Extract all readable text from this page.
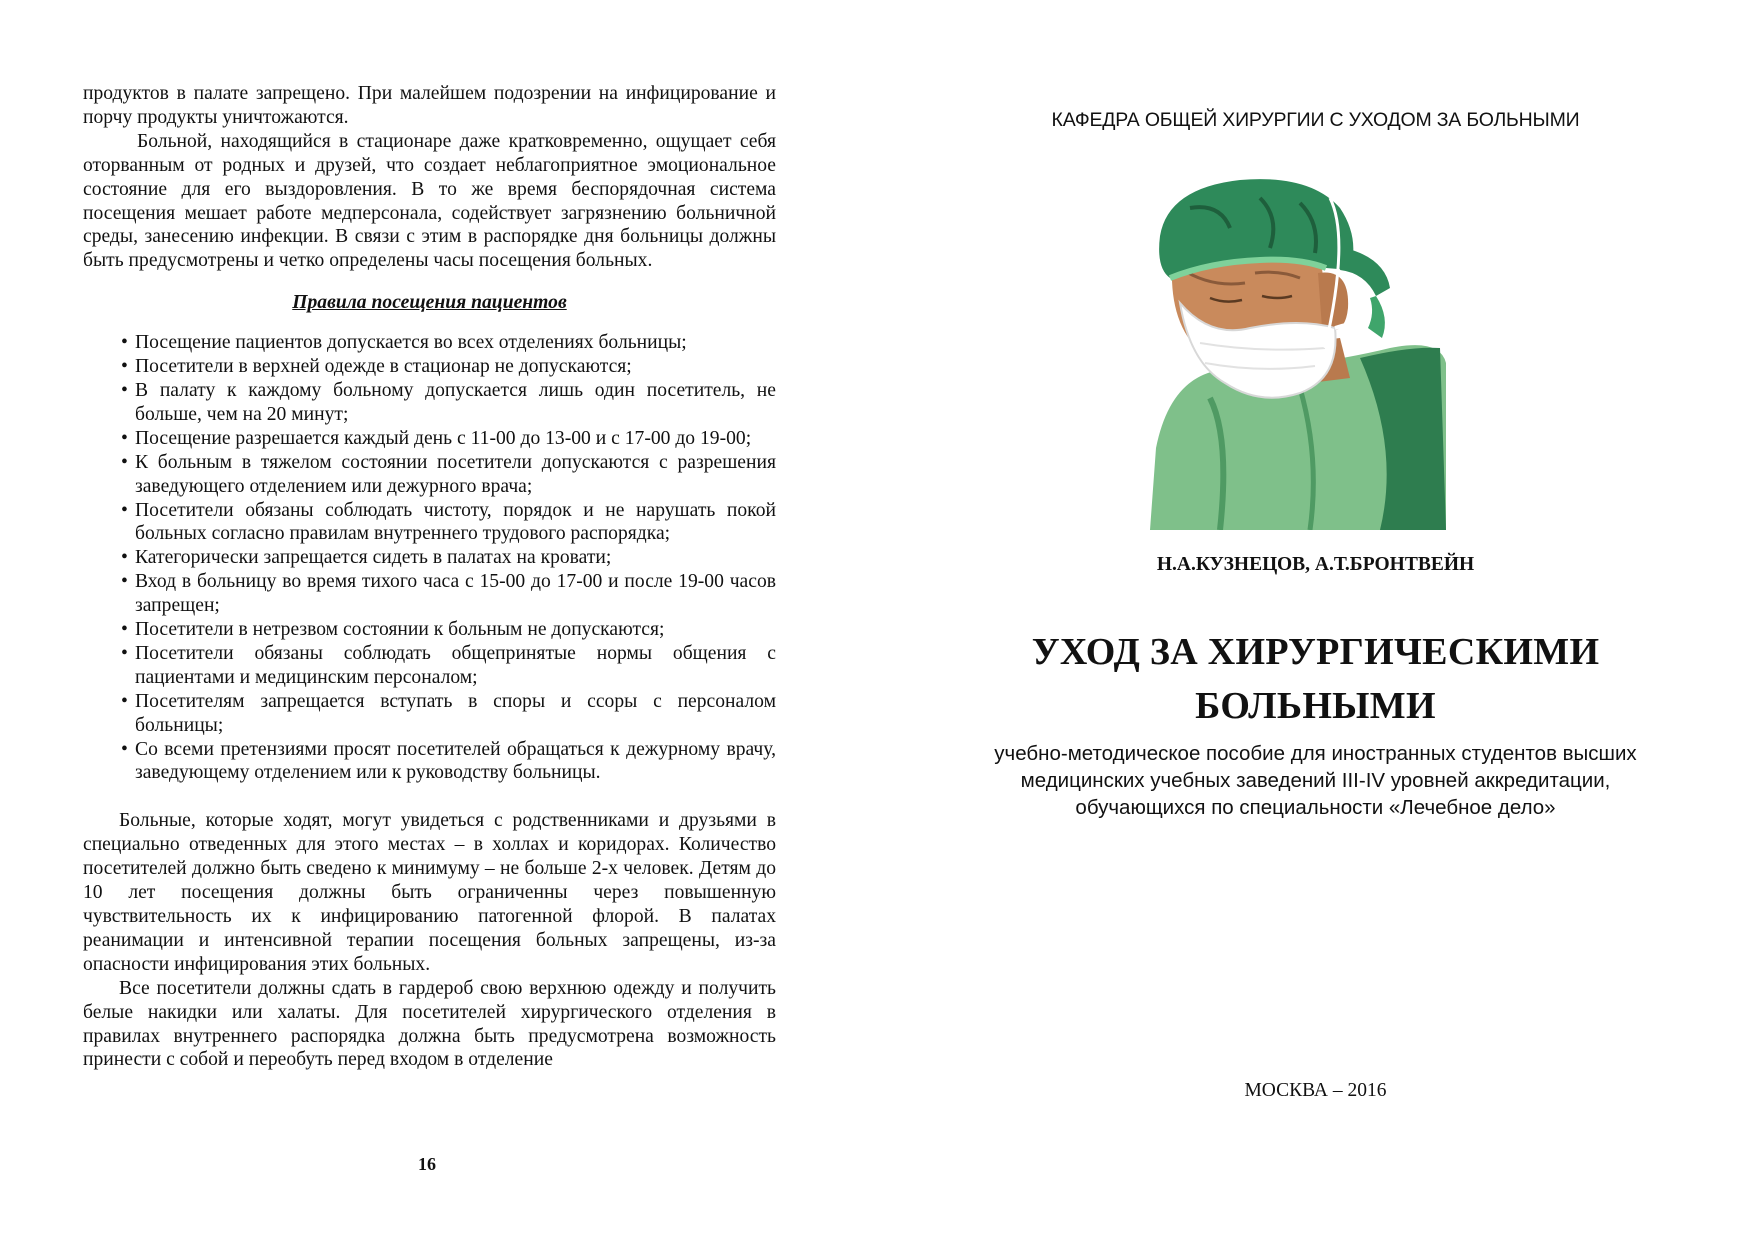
продуктов в палате запрещено. При малейшем подозрении на инфицирование и порчу продукты уничтожаются.

Больной, находящийся в стационаре даже кратковременно, ощущает себя оторванным от родных и друзей, что создает неблагоприятное эмоциональное состояние для его выздоровления. В то же время беспорядочная система посещения мешает работе медперсонала, содействует загрязнению больничной среды, занесению инфекции. В связи с этим в распорядке дня больницы должны быть предусмотрены и четко определены часы посещения больных.

Правила посещения пациентов
• Посещение пациентов допускается во всех отделениях больницы;
• Посетители в верхней одежде в стационар не допускаются;
• В палату к каждому больному допускается лишь один посетитель, не больше, чем на 20 минут;
• Посещение разрешается каждый день с 11-00 до 13-00 и с 17-00 до 19-00;
• К больным в тяжелом состоянии посетители допускаются с разрешения заведующего отделением или дежурного врача;
• Посетители обязаны соблюдать чистоту, порядок и не нарушать покой больных согласно правилам внутреннего трудового распорядка;
• Категорически запрещается сидеть в палатах на кровати;
• Вход в больницу во время тихого часа с 15-00 до 17-00 и после 19-00 часов запрещен;
• Посетители в нетрезвом состоянии к больным не допускаются;
• Посетители обязаны соблюдать общепринятые нормы общения с пациентами и медицинским персоналом;
• Посетителям запрещается вступать в споры и ссоры с персоналом больницы;
• Со всеми претензиями просят посетителей обращаться к дежурному врачу, заведующему отделением или к руководству больницы.

Больные, которые ходят, могут увидеться с родственниками и друзьями в специально отведенных для этого местах – в холлах и коридорах. Количество посетителей должно быть сведено к минимуму – не больше 2-х человек. Детям до 10 лет посещения должны быть ограниченны через повышенную чувствительность их к инфицированию патогенной флорой. В палатах реанимации и интенсивной терапии посещения больных запрещены, из-за опасности инфицирования этих больных.

Все посетители должны сдать в гардероб свою верхнюю одежду и получить белые накидки или халаты. Для посетителей хирургического отделения в правилах внутреннего распорядка должна быть предусмотрена возможность принести с собой и переобуть перед входом в отделение

16
КАФЕДРА ОБЩЕЙ ХИРУРГИИ С УХОДОМ ЗА БОЛЬНЫМИ
Н.А.КУЗНЕЦОВ, А.Т.БРОНТВЕЙН
УХОД ЗА ХИРУРГИЧЕСКИМИ
БОЛЬНЫМИ
учебно-методическое пособие для иностранных студентов высших
медицинских учебных заведений III-IV уровней аккредитации,
обучающихся по специальности «Лечебное дело»
МОСКВА – 2016
